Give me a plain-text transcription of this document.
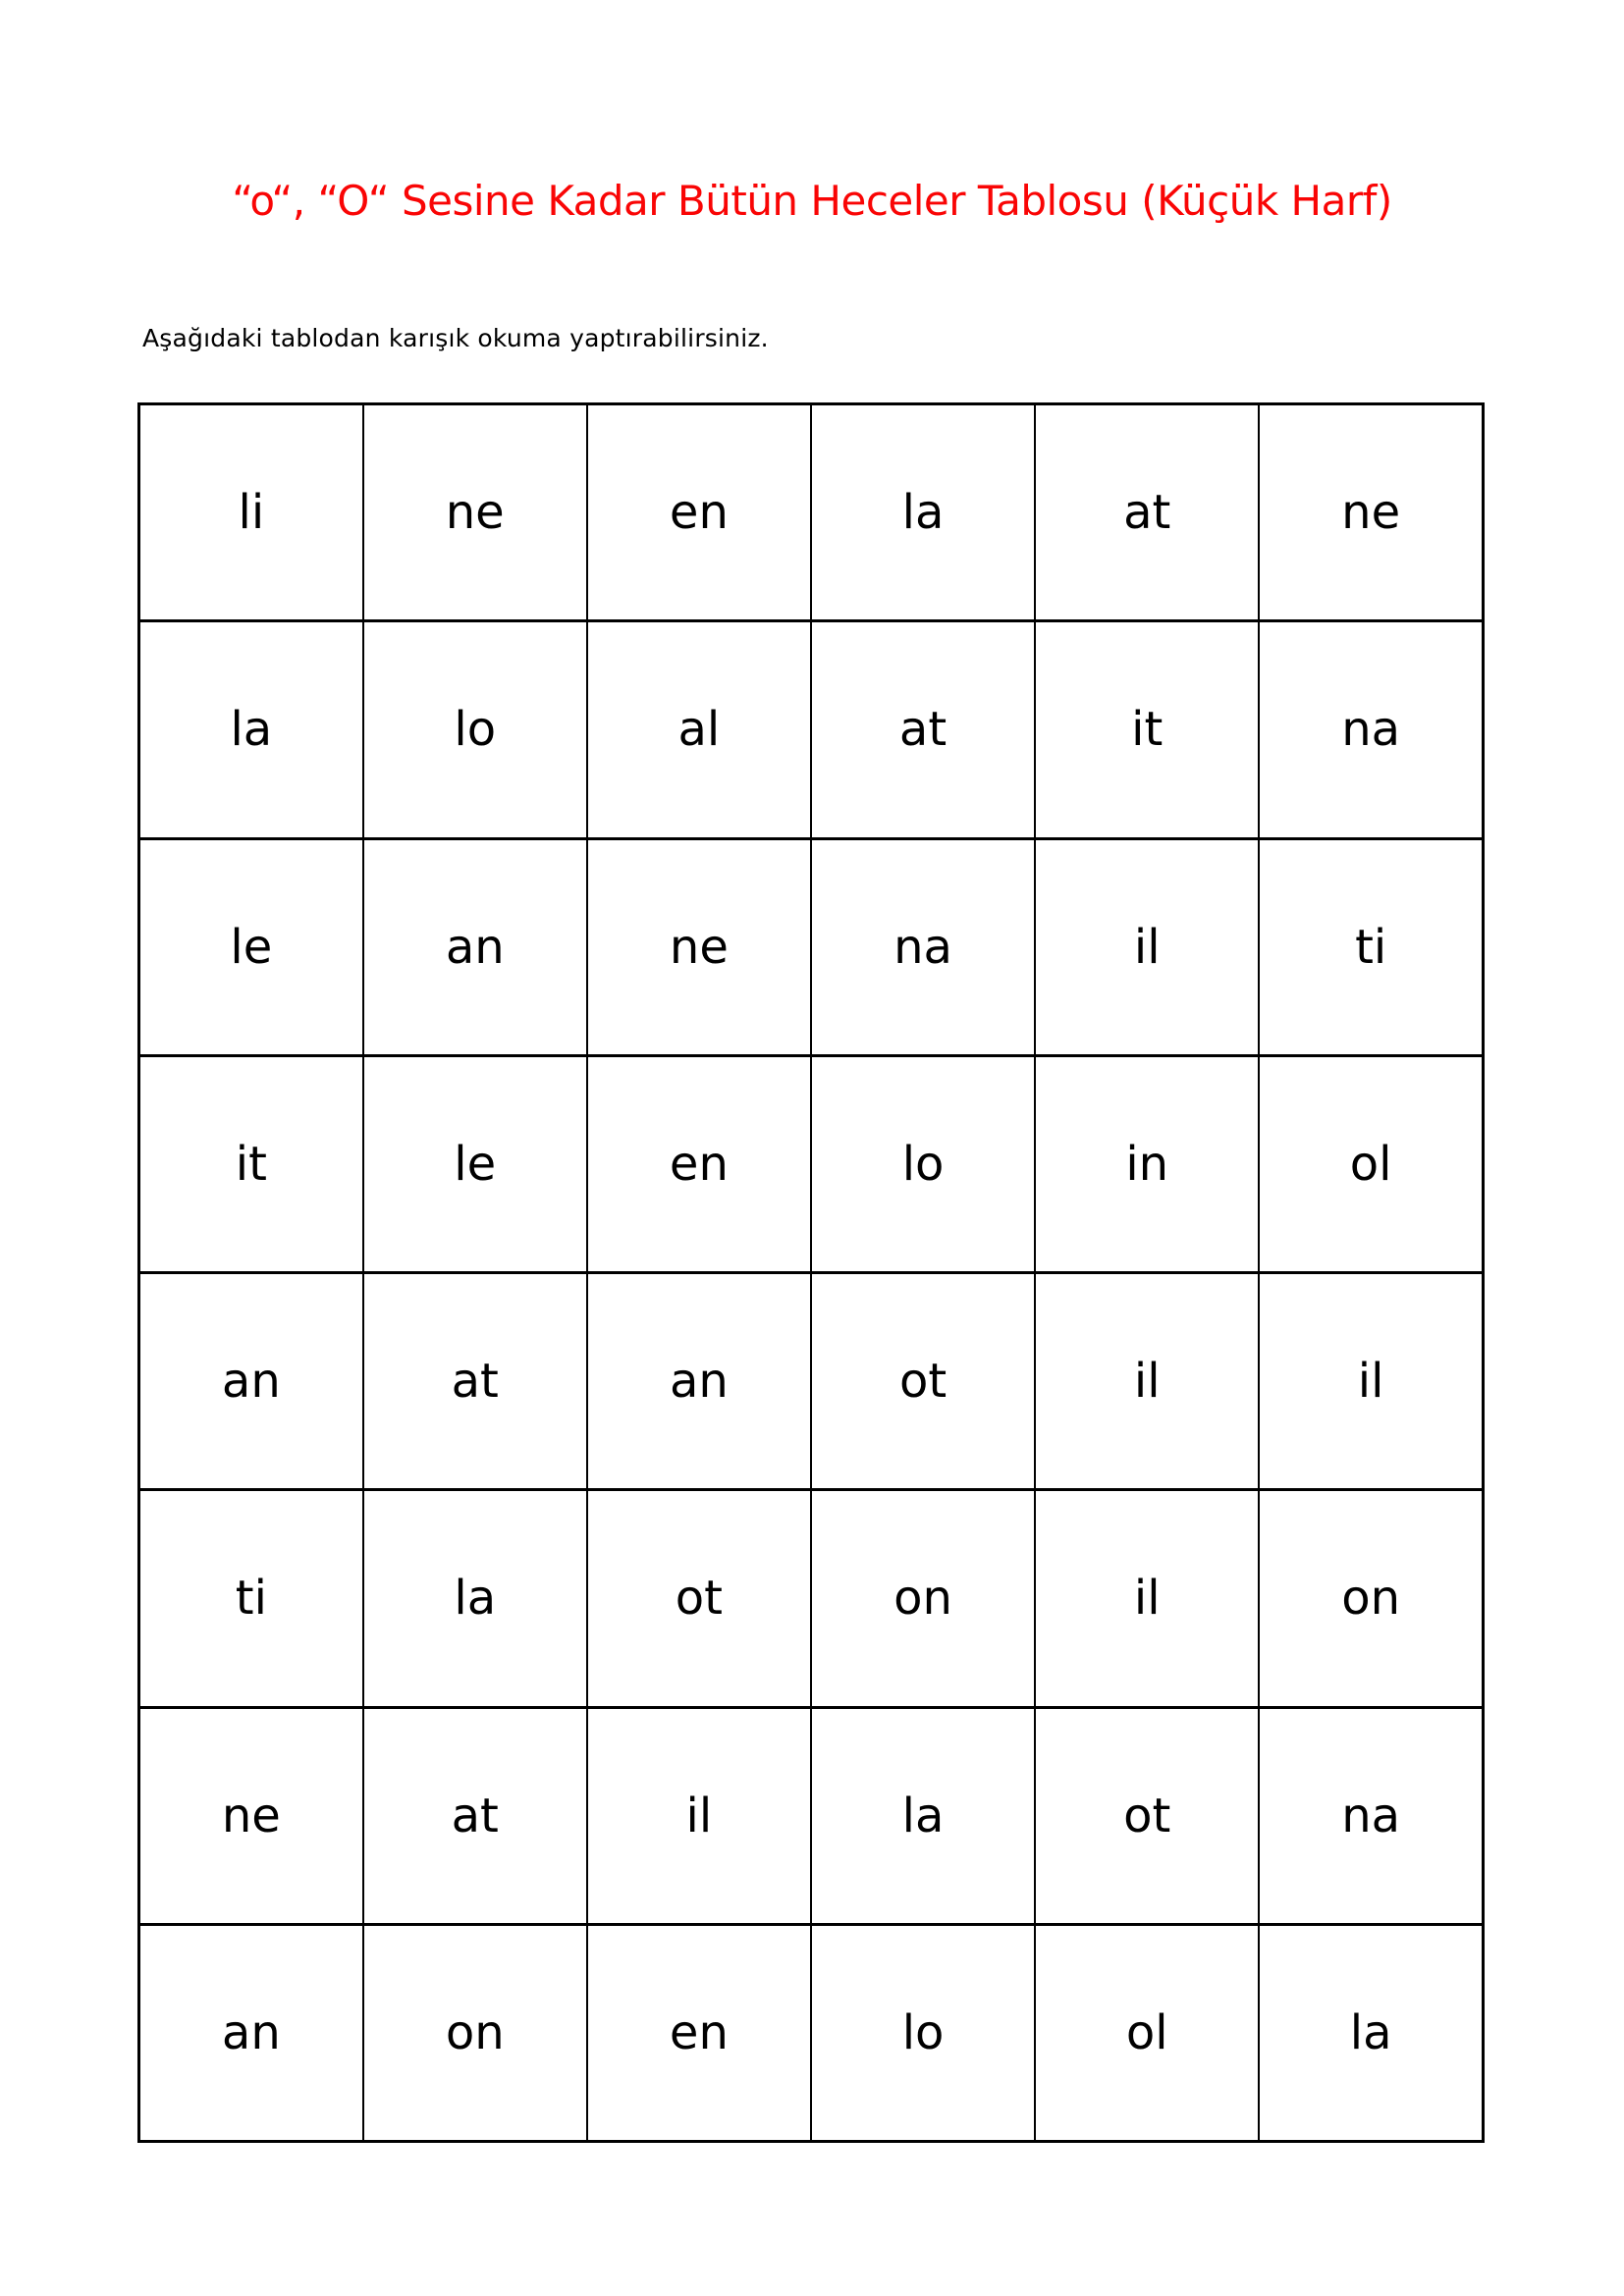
“o“, “O“ Sesine Kadar Bütün Heceler Tablosu (Küçük Harf)

Aşağıdaki tablodan karışık okuma yaptırabilirsiniz.

li	ne	en	la	at	ne
la	lo	al	at	it	na
le	an	ne	na	il	ti
it	le	en	lo	in	ol
an	at	an	ot	il	il
ti	la	ot	on	il	on
ne	at	il	la	ot	na
an	on	en	lo	ol	la
